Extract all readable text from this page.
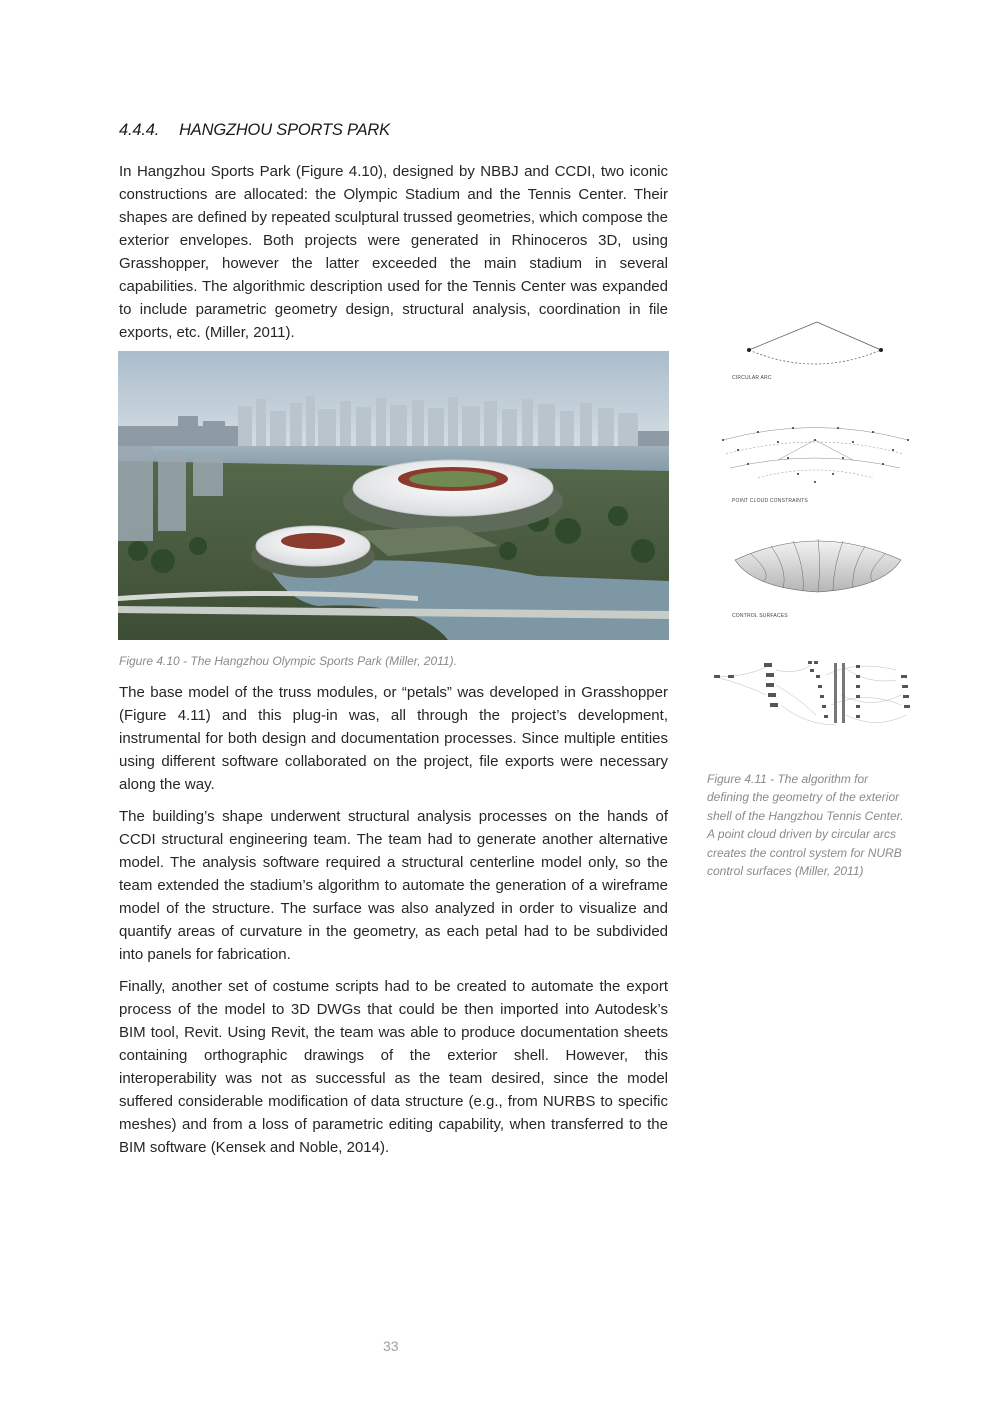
4.4.4. HANGZHOU SPORTS PARK

In Hangzhou Sports Park (Figure 4.10), designed by NBBJ and CCDI, two iconic constructions are allocated: the Olympic Stadium and the Tennis Center. Their shapes are defined by repeated sculptural trussed geometries, which compose the exterior envelopes. Both projects were generated in Rhinoceros 3D, using Grasshopper, however the latter exceeded the main stadium in several capabilities. The algorithmic description used for the Tennis Center was expanded to include parametric geometry design, structural analysis, coordination in file exports, etc. (Miller, 2011).

Figure 4.10 - The Hangzhou Olympic Sports Park (Miller, 2011).

The base model of the truss modules, or “petals” was developed in Grasshopper (Figure 4.11) and this plug-in was, all through the project’s development, instrumental for both design and documentation processes. Since multiple entities using different software collaborated on the project, file exports were necessary along the way.

The building’s shape underwent structural analysis processes on the hands of CCDI structural engineering team. The team had to generate another alternative model. The analysis software required a structural centerline model only, so the team extended the stadium’s algorithm to automate the generation of a wireframe model of the structure. The surface was also analyzed in order to visualize and quantify areas of curvature in the geometry, as each petal had to be subdivided into panels for fabrication.

Finally, another set of costume scripts had to be created to automate the export process of the model to 3D DWGs that could be then imported into Autodesk’s BIM tool, Revit. Using Revit, the team was able to produce documentation sheets containing orthographic drawings of the exterior shell. However, this interoperability was not as successful as the team desired, since the model suffered considerable modification of data structure (e.g., from NURBS to specific meshes) and from a loss of parametric editing capability, when transferred to the BIM software (Kensek and Noble, 2014).

CIRCULAR ARC
POINT CLOUD CONSTRAINTS
CONTROL SURFACES
Figure 4.11 - The algorithm for
defining the geometry of the exterior
shell of the Hangzhou Tennis Center.
A point cloud driven by circular arcs
creates the control system for NURB
control surfaces (Miller, 2011)
33
